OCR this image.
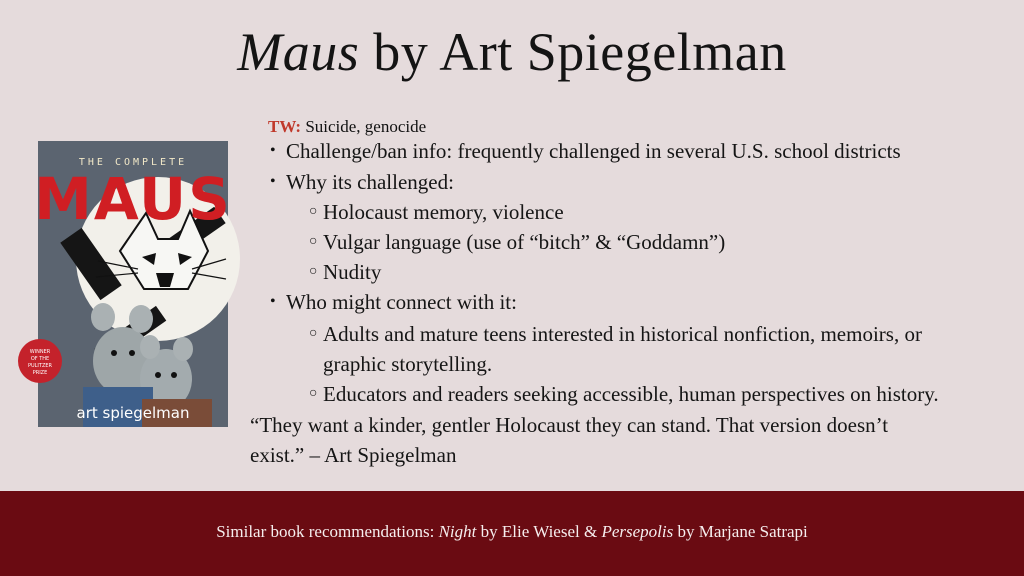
Maus by Art Spiegelman
THE COMPLETE
MAUS
WINNER
OF THE
PULITZER
PRIZE
art spiegelman
TW: Suicide, genocide
• Challenge/ban info: frequently challenged in several U.S. school districts
• Why its challenged:
○ Holocaust memory, violence
○ Vulgar language (use of “bitch” & “Goddamn”)
○ Nudity
• Who might connect with it:
○ Adults and mature teens interested in historical nonfiction, memoirs, or
graphic storytelling.
○ Educators and readers seeking accessible, human perspectives on history.
“They want a kinder, gentler Holocaust they can stand. That version doesn’t
exist.” – Art Spiegelman
Similar book recommendations: Night by Elie Wiesel & Persepolis by Marjane Satrapi
